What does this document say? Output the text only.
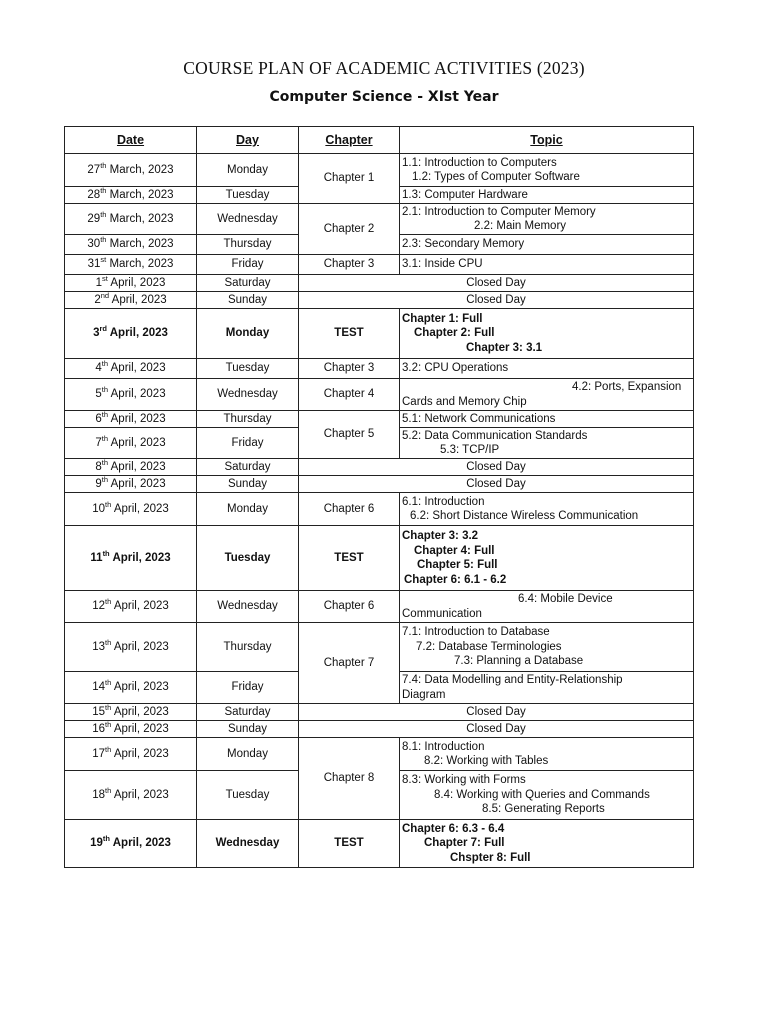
COURSE PLAN OF ACADEMIC ACTIVITIES (2023)
Computer Science - XIst Year
Date	Day	Chapter	Topic
27th March, 2023	Monday	Chapter 1	1.1: Introduction to Computers
1.2: Types of Computer Software

28th March, 2023	Tuesday		1.3: Computer Hardware

29th March, 2023	Wednesday	Chapter 2	2.1: Introduction to Computer Memory
2.2: Main Memory

30th March, 2023	Thursday		2.3: Secondary Memory

31st March, 2023	Friday	Chapter 3	3.1: Inside CPU

1st April, 2023	Saturday	Closed Day	
2nd April, 2023	Sunday	Closed Day	
3rd April, 2023	Monday	TEST	Chapter 1: Full
Chapter 2: Full
Chapter 3: 3.1

4th April, 2023	Tuesday	Chapter 3	3.2: CPU Operations

5th April, 2023	Wednesday	Chapter 4	4.2: Ports, Expansion
Cards and Memory Chip

6th April, 2023	Thursday	Chapter 5	5.1: Network Communications

7th April, 2023	Friday		5.2: Data Communication Standards
5.3: TCP/IP

8th April, 2023	Saturday	Closed Day	
9th April, 2023	Sunday	Closed Day	
10th April, 2023	Monday	Chapter 6	6.1: Introduction
6.2: Short Distance Wireless Communication

11th April, 2023	Tuesday	TEST	Chapter 3: 3.2
Chapter 4: Full
Chapter 5: Full
Chapter 6: 6.1 - 6.2

12th April, 2023	Wednesday	Chapter 6	6.4: Mobile Device
Communication

13th April, 2023	Thursday	Chapter 7	7.1: Introduction to Database
7.2: Database Terminologies
7.3: Planning a Database

14th April, 2023	Friday		7.4: Data Modelling and Entity-Relationship
Diagram

15th April, 2023	Saturday	Closed Day	
16th April, 2023	Sunday	Closed Day	
17th April, 2023	Monday	Chapter 8	8.1: Introduction
8.2: Working with Tables

18th April, 2023	Tuesday		8.3: Working with Forms
8.4: Working with Queries and Commands
8.5: Generating Reports

19th April, 2023	Wednesday	TEST	Chapter 6: 6.3 - 6.4
Chapter 7: Full
Chspter 8: Full
